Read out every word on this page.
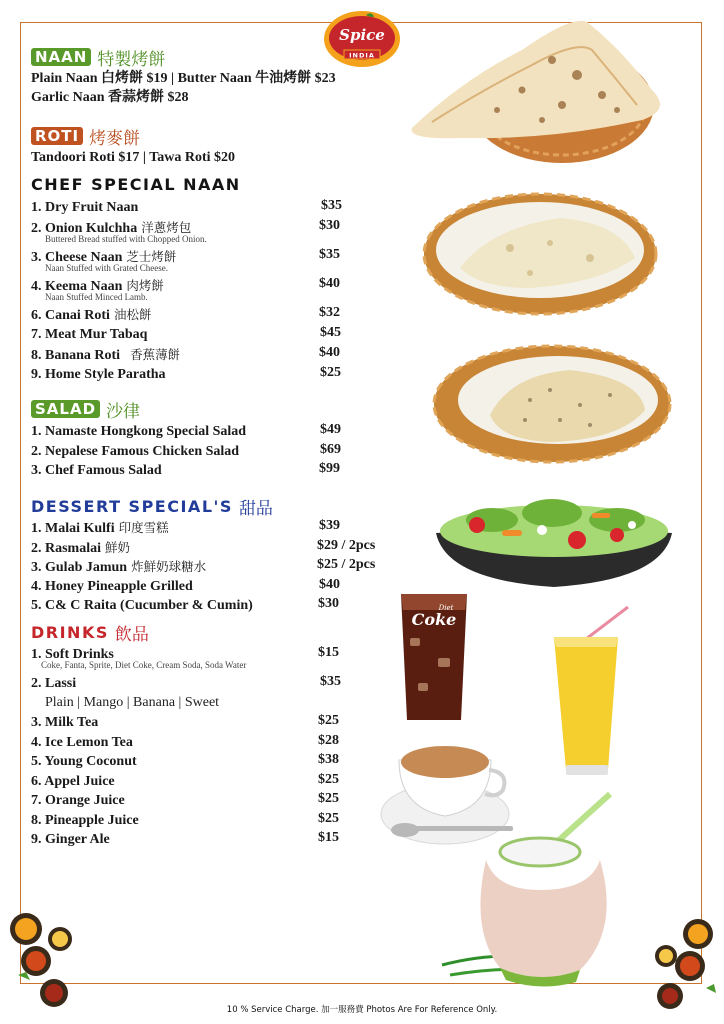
Spice
INDIA
NAAN 特製烤餅
Plain Naan 白烤餅 $19 | Butter Naan 牛油烤餅 $23
Garlic Naan 香蒜烤餅 $28
ROTI 烤麥餅
Tandoori Roti $17 | Tawa Roti $20
CHEF SPECIAL NAAN
1. Dry Fruit Naan	$35
2. Onion Kulchha 洋蔥烤包	$30
Buttered Bread stuffed with Chopped Onion.
3. Cheese Naan 芝士烤餅	$35
Naan Stuffed with Grated Cheese.
4. Keema Naan 肉烤餅	$40
Naan Stuffed Minced Lamb.
6. Canai Roti 油松餅	$32
7. Meat Mur Tabaq	$45
8. Banana Roti 香蕉薄餅	$40
9. Home Style Paratha	$25
SALAD 沙律
1. Namaste Hongkong Special Salad	$49
2. Nepalese Famous Chicken Salad	$69
3. Chef Famous Salad	$99
DESSERT SPECIAL'S 甜品
1. Malai Kulfi 印度雪糕	$39
2. Rasmalai 鮮奶	$29 / 2pcs
3. Gulab Jamun 炸鮮奶球糖水	$25 / 2pcs
4. Honey Pineapple Grilled	$40
5. C& C Raita (Cucumber & Cumin)	$30
DRINKS 飲品
1. Soft Drinks	$15
Coke, Fanta, Sprite, Diet Coke, Cream Soda, Soda Water
2. Lassi	$35
Plain | Mango | Banana | Sweet
3. Milk Tea	$25
4. Ice Lemon Tea	$28
5. Young Coconut	$38
6. Appel Juice	$25
7. Orange Juice	$25
8. Pineapple Juice	$25
9. Ginger Ale	$15
Diet
Coke
10 % Service Charge. 加一服務費 Photos Are For Reference Only.
